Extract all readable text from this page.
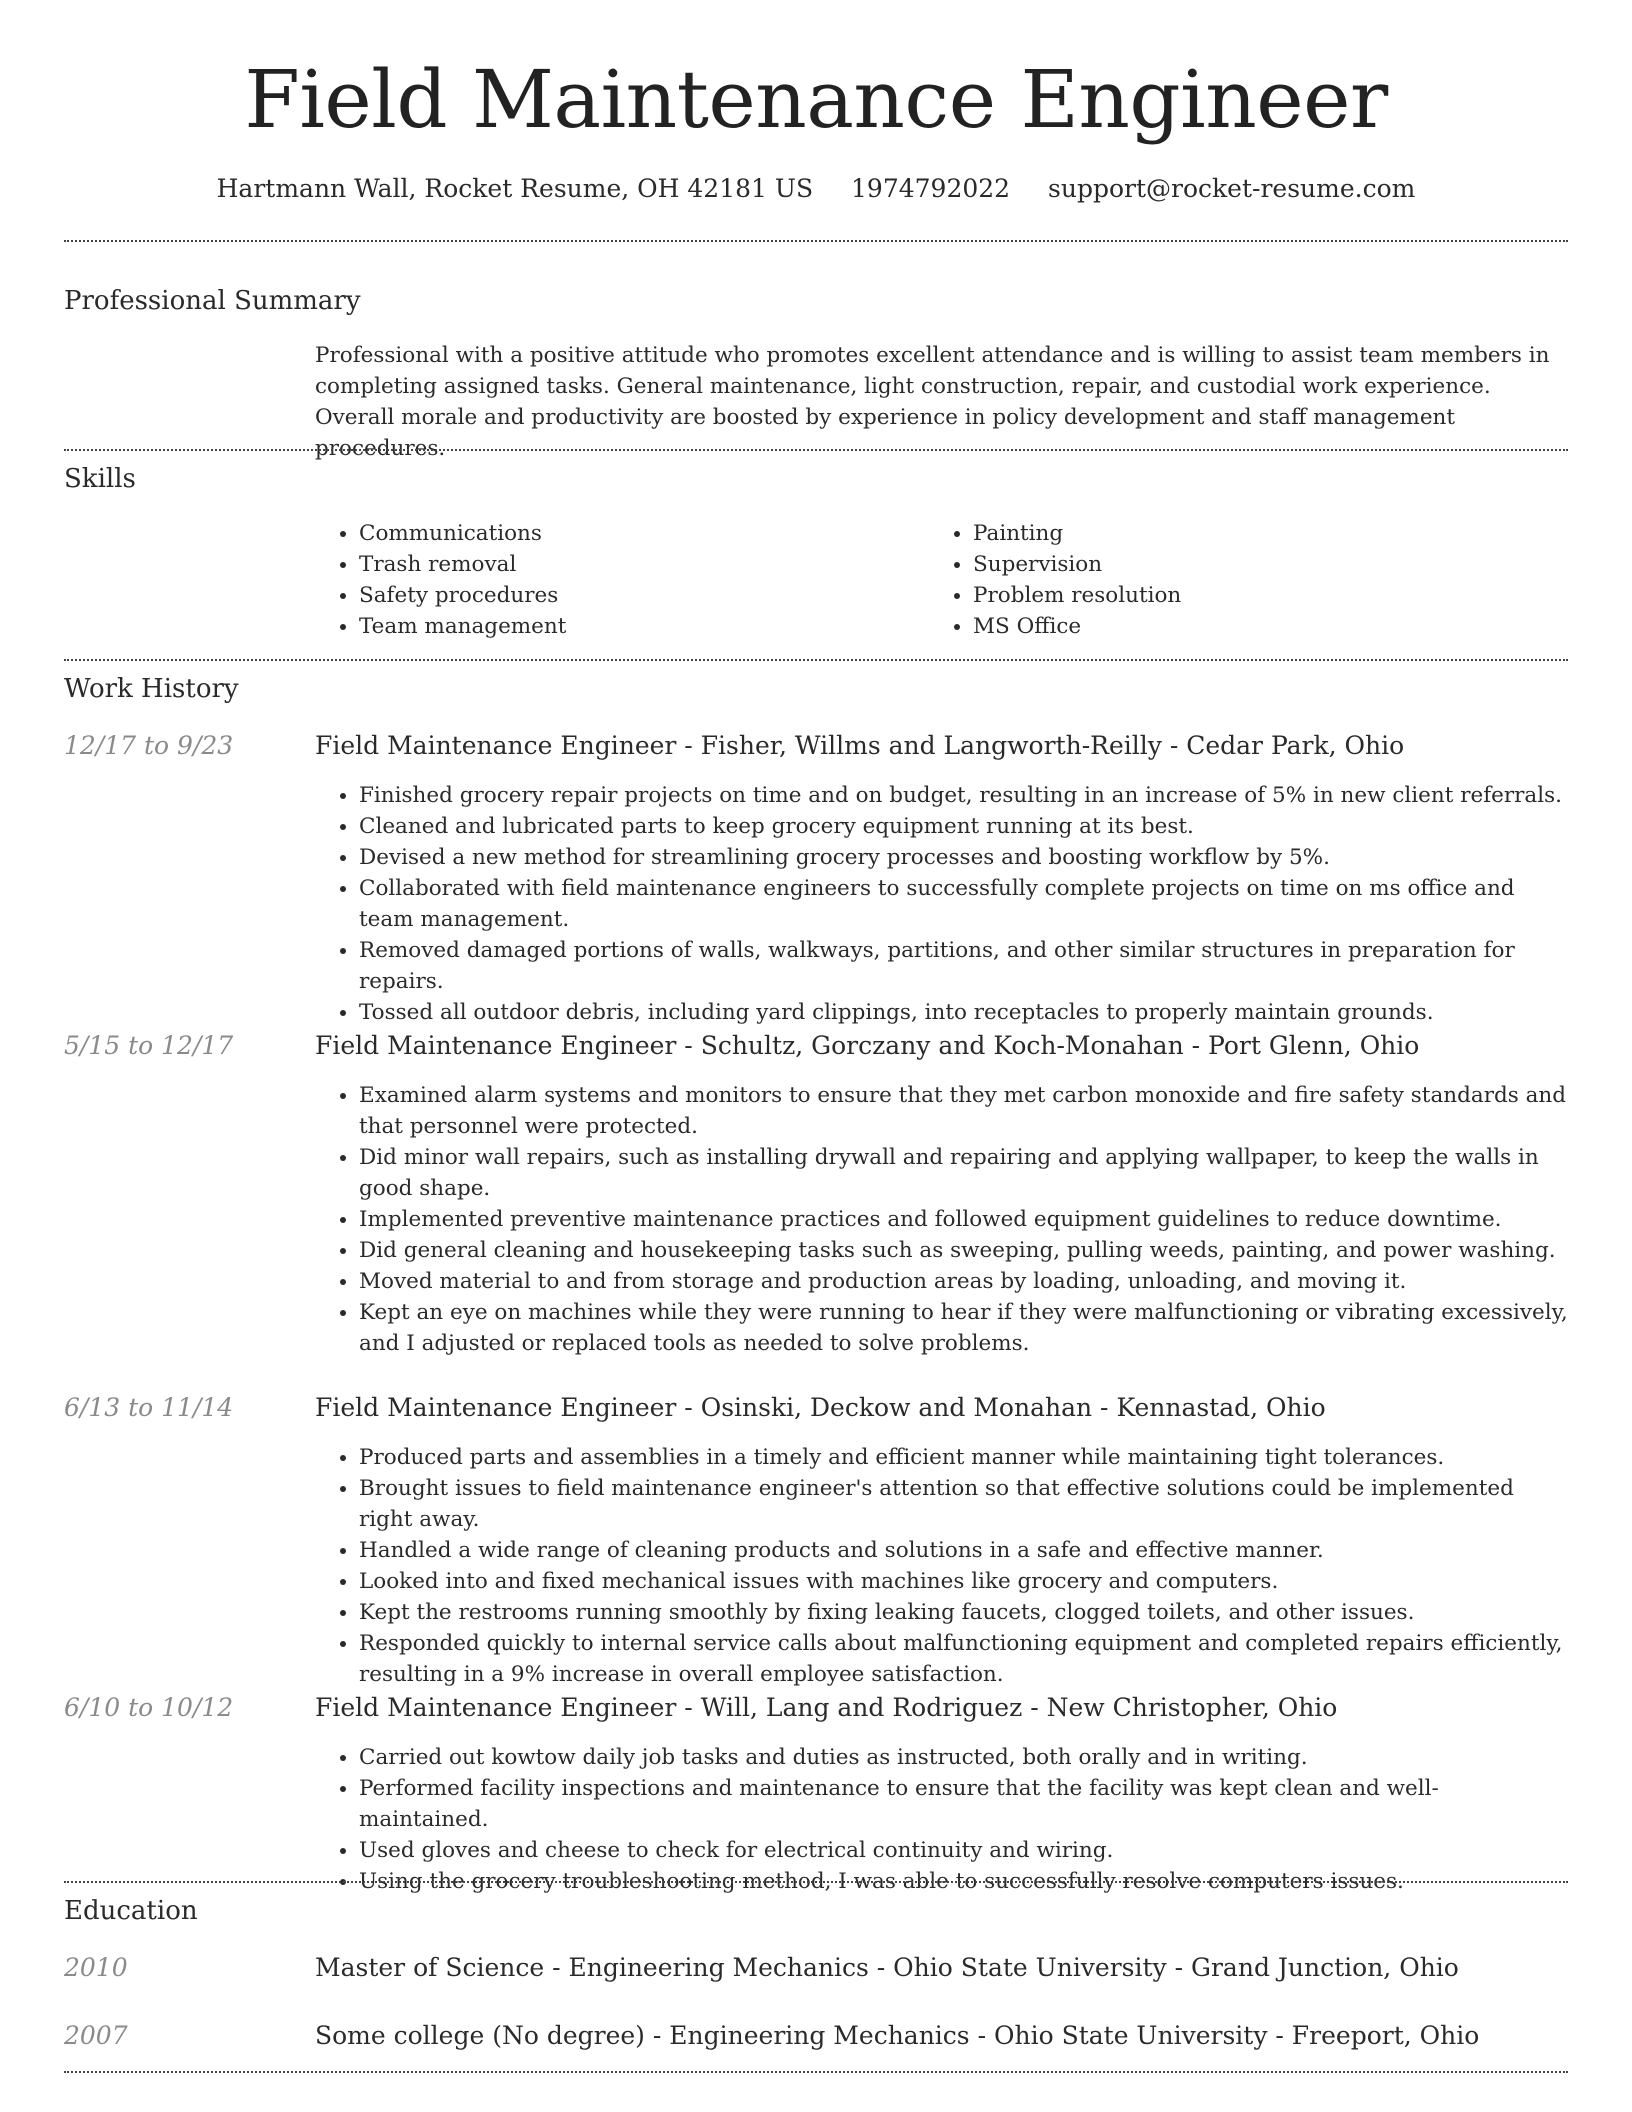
Field Maintenance Engineer
Hartmann Wall, Rocket Resume, OH 42181 US 1974792022 support@rocket-resume.com
Professional Summary
Professional with a positive attitude who promotes excellent attendance and is willing to assist team members in completing assigned tasks. General maintenance, light construction, repair, and custodial work experience. Overall morale and productivity are boosted by experience in policy development and staff management procedures.
Skills
• Communications
• Trash removal
• Safety procedures
• Team management
• Painting
• Supervision
• Problem resolution
• MS Office
Work History
12/17 to 9/23	Field Maintenance Engineer - Fisher, Willms and Langworth-Reilly - Cedar Park, Ohio
• Finished grocery repair projects on time and on budget, resulting in an increase of 5% in new client referrals.
• Cleaned and lubricated parts to keep grocery equipment running at its best.
• Devised a new method for streamlining grocery processes and boosting workflow by 5%.
• Collaborated with field maintenance engineers to successfully complete projects on time on ms office and team management.
• Removed damaged portions of walls, walkways, partitions, and other similar structures in preparation for repairs.
• Tossed all outdoor debris, including yard clippings, into receptacles to properly maintain grounds.
5/15 to 12/17	Field Maintenance Engineer - Schultz, Gorczany and Koch-Monahan - Port Glenn, Ohio
• Examined alarm systems and monitors to ensure that they met carbon monoxide and fire safety standards and that personnel were protected.
• Did minor wall repairs, such as installing drywall and repairing and applying wallpaper, to keep the walls in good shape.
• Implemented preventive maintenance practices and followed equipment guidelines to reduce downtime.
• Did general cleaning and housekeeping tasks such as sweeping, pulling weeds, painting, and power washing.
• Moved material to and from storage and production areas by loading, unloading, and moving it.
• Kept an eye on machines while they were running to hear if they were malfunctioning or vibrating excessively, and I adjusted or replaced tools as needed to solve problems.
6/13 to 11/14	Field Maintenance Engineer - Osinski, Deckow and Monahan - Kennastad, Ohio
• Produced parts and assemblies in a timely and efficient manner while maintaining tight tolerances.
• Brought issues to field maintenance engineer's attention so that effective solutions could be implemented right away.
• Handled a wide range of cleaning products and solutions in a safe and effective manner.
• Looked into and fixed mechanical issues with machines like grocery and computers.
• Kept the restrooms running smoothly by fixing leaking faucets, clogged toilets, and other issues.
• Responded quickly to internal service calls about malfunctioning equipment and completed repairs efficiently, resulting in a 9% increase in overall employee satisfaction.
6/10 to 10/12	Field Maintenance Engineer - Will, Lang and Rodriguez - New Christopher, Ohio
• Carried out kowtow daily job tasks and duties as instructed, both orally and in writing.
• Performed facility inspections and maintenance to ensure that the facility was kept clean and well-maintained.
• Used gloves and cheese to check for electrical continuity and wiring.
• Using the grocery troubleshooting method, I was able to successfully resolve computers issues.
Education
2010	Master of Science - Engineering Mechanics - Ohio State University - Grand Junction, Ohio
2007	Some college (No degree) - Engineering Mechanics - Ohio State University - Freeport, Ohio
